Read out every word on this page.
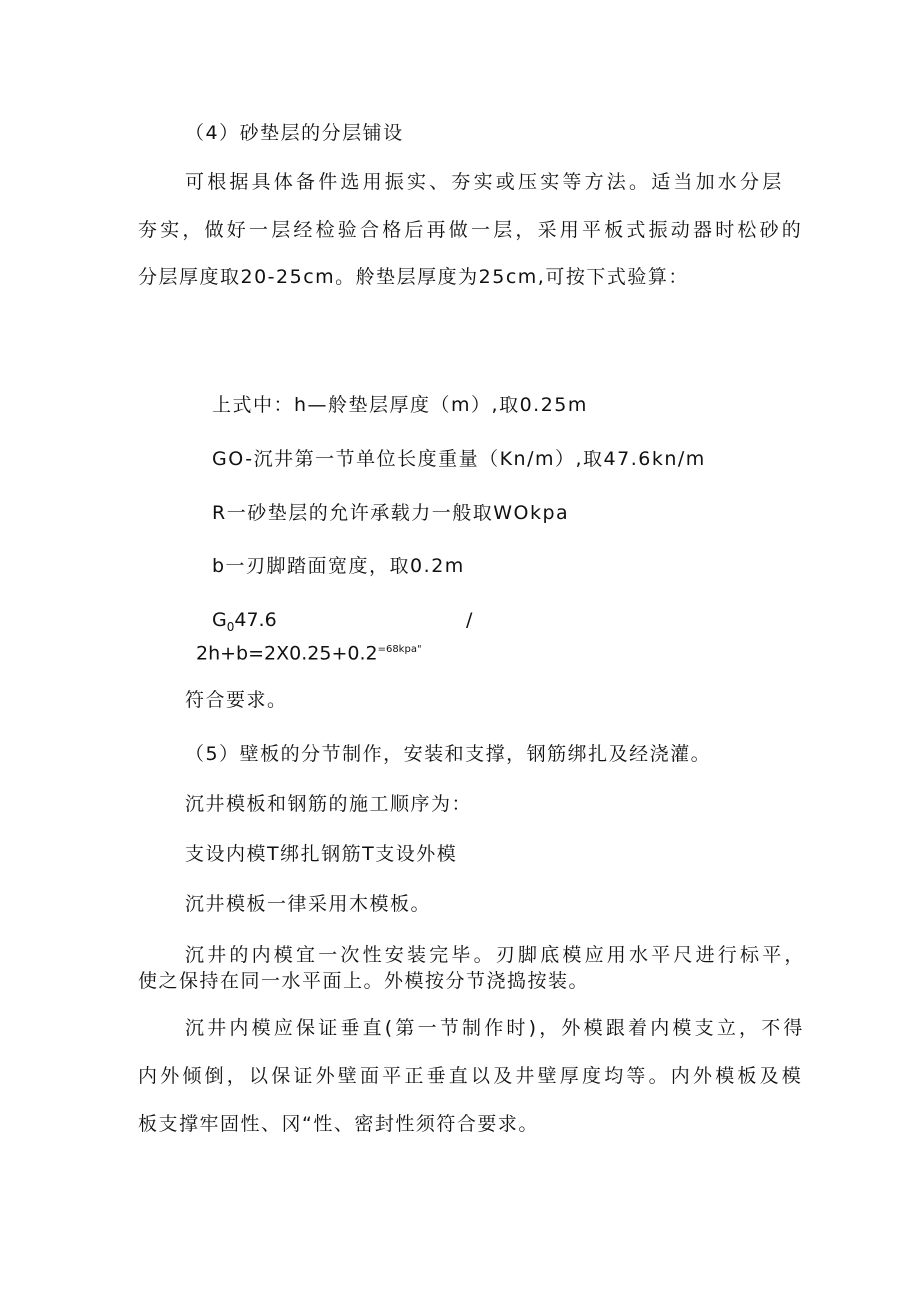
（4）砂垫层的分层铺设
可根据具体备件选用振实、夯实或压实等方法。适当加水分层
夯实，做好一层经检验合格后再做一层，采用平板式振动器时松砂的
分层厚度取20-25cm。舲垫层厚度为25cm,可按下式验算：
上式中：h—舲垫层厚度（m）,取0.25m
GO-沉井第一节单位长度重量（Kn∕m）,取47.6kn∕m
R一砂垫层的允许承载力一般取WOkpa
b一刃脚踏面宽度，取0.2m
$G_047.6$	/
$2h+b=2X0.25+0.2^{=68kpa"}$
符合要求。
（5）壁板的分节制作，安装和支撑，钢筋绑扎及经浇灌。
沉井模板和钢筋的施工顺序为：
支设内模T绑扎钢筋T支设外模
沉井模板一律采用木模板。
沉井的内模宜一次性安装完毕。刃脚底模应用水平尺进行标平，
使之保持在同一水平面上。外模按分节浇捣按装。
沉井内模应保证垂直(第一节制作时)，外模跟着内模支立，不得
内外倾倒，以保证外壁面平正垂直以及井壁厚度均等。内外模板及模
板支撑牢固性、冈“性、密封性须符合要求。
